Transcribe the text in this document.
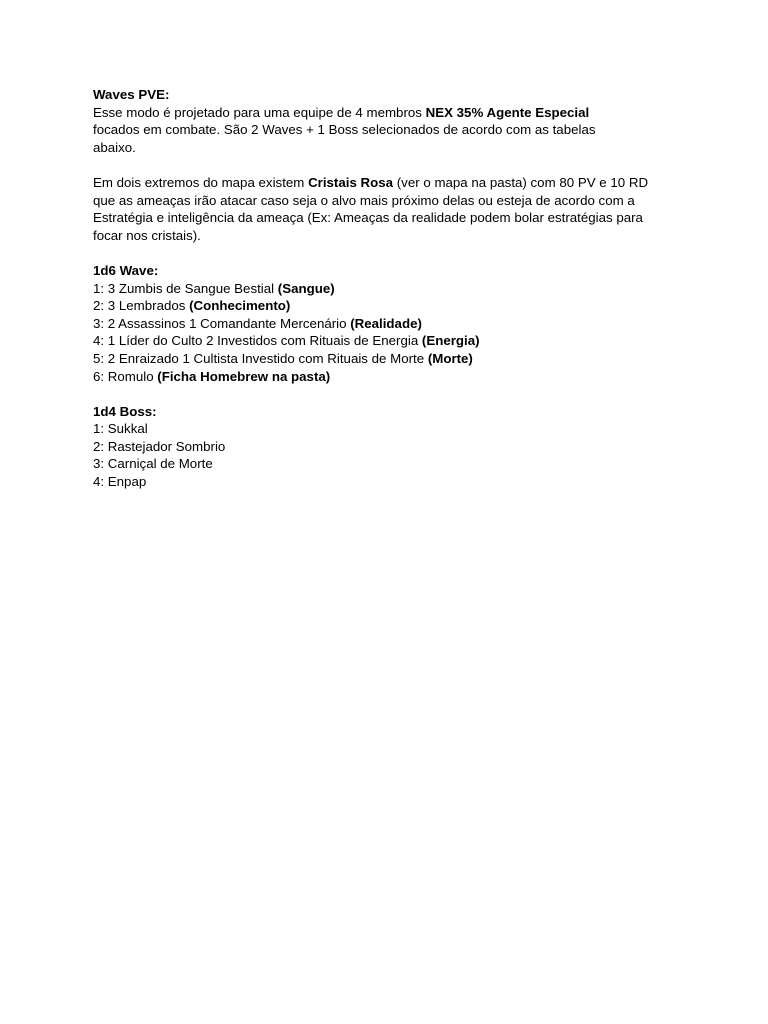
Waves PVE:
Esse modo é projetado para uma equipe de 4 membros NEX 35% Agente Especial
focados em combate. São 2 Waves + 1 Boss selecionados de acordo com as tabelas abaixo.

Em dois extremos do mapa existem Cristais Rosa (ver o mapa na pasta) com 80 PV e 10 RD que as ameaças irão atacar caso seja o alvo mais próximo delas ou esteja de acordo com a Estratégia e inteligência da ameaça (Ex: Ameaças da realidade podem bolar estratégias para focar nos cristais).

1d6 Wave:
1: 3 Zumbis de Sangue Bestial (Sangue)
2: 3 Lembrados (Conhecimento)
3: 2 Assassinos 1 Comandante Mercenário (Realidade)
4: 1 Líder do Culto 2 Investidos com Rituais de Energia (Energia)
5: 2 Enraizado 1 Cultista Investido com Rituais de Morte (Morte)
6: Romulo (Ficha Homebrew na pasta)
1d4 Boss:
1: Sukkal
2: Rastejador Sombrio
3: Carniçal de Morte
4: Enpap
